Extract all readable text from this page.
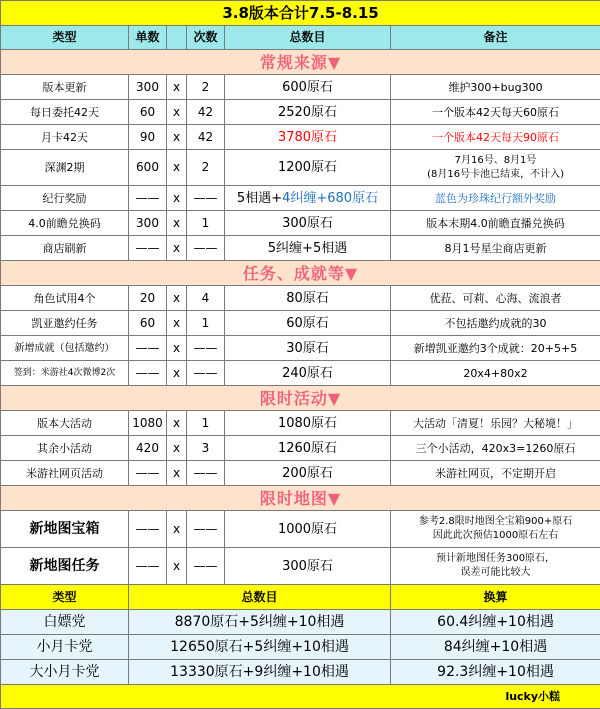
3.8版本合计7.5-8.15					
类型	单数		次数	总数目	备注
常规来源▼					
版本更新	300	x	2	600原石	维护300+bug300
每日委托42天	60	x	42	2520原石	一个版本42天每天60原石
月卡42天	90	x	42	3780原石	一个版本42天每天90原石
深渊2期	600	x	2	1200原石	7月16号、8月1号
(8月16号卡池已结束，不计入)

纪行奖励	——	x	——	5相遇+4纠缠+680原石	蓝色为珍珠纪行额外奖励
4.0前瞻兑换码	300	x	1	300原石	版本末期4.0前瞻直播兑换码
商店刷新	——	x	——	5纠缠+5相遇	8月1号星尘商店更新
任务、成就等▼					
角色试用4个	20	x	4	80原石	优菈、可莉、心海、流浪者
凯亚邀约任务	60	x	1	60原石	不包括邀约成就的30
新增成就（包括邀约）	——	x	——	30原石	新增凯亚邀约3个成就：20+5+5
签到：米游社4次微博2次	——	x	——	240原石	20x4+80x2
限时活动▼					
版本大活动	1080	x	1	1080原石	大活动「清夏！乐园？大秘境！」
其余小活动	420	x	3	1260原石	三个小活动，420x3=1260原石
米游社网页活动	——	x	——	200原石	米游社网页，不定期开启
限时地图▼					
新地图宝箱	——	x	——	1000原石	参考2.8限时地图全宝箱900+原石
因此此次预估1000原石左右

新地图任务	——	x	——	300原石	预计新地图任务300原石，
误差可能比较大

类型	总数目				换算
白嫖党	8870原石+5纠缠+10相遇				60.4纠缠+10相遇
小月卡党	12650原石+5纠缠+10相遇				84纠缠+10相遇
大小月卡党	13330原石+9纠缠+10相遇				92.3纠缠+10相遇
lucky小糕					
